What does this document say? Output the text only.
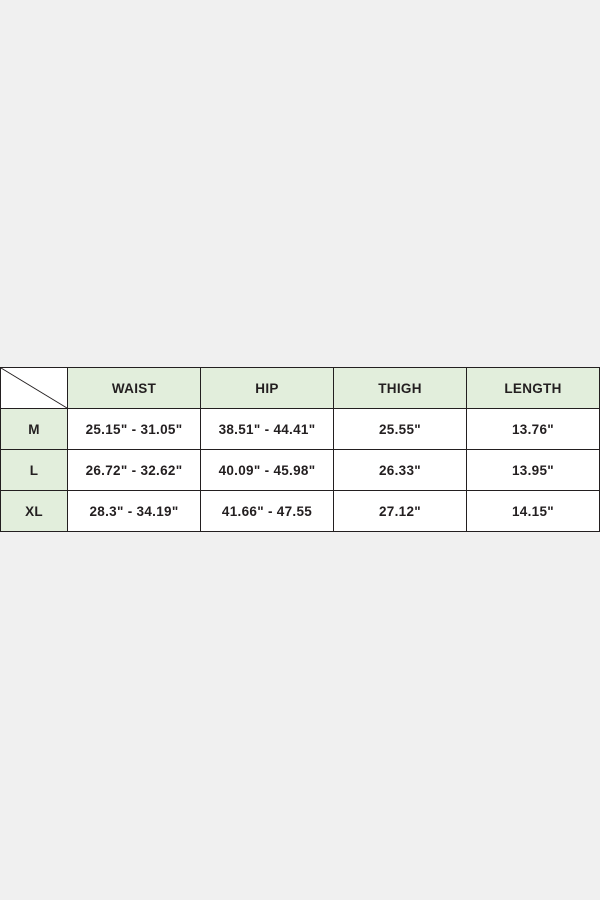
	WAIST	HIP	THIGH	LENGTH
M	25.15" - 31.05"	38.51" - 44.41"	25.55"	13.76"
L	26.72" - 32.62"	40.09" - 45.98"	26.33"	13.95"
XL	28.3" - 34.19"	41.66" - 47.55	27.12"	14.15"
